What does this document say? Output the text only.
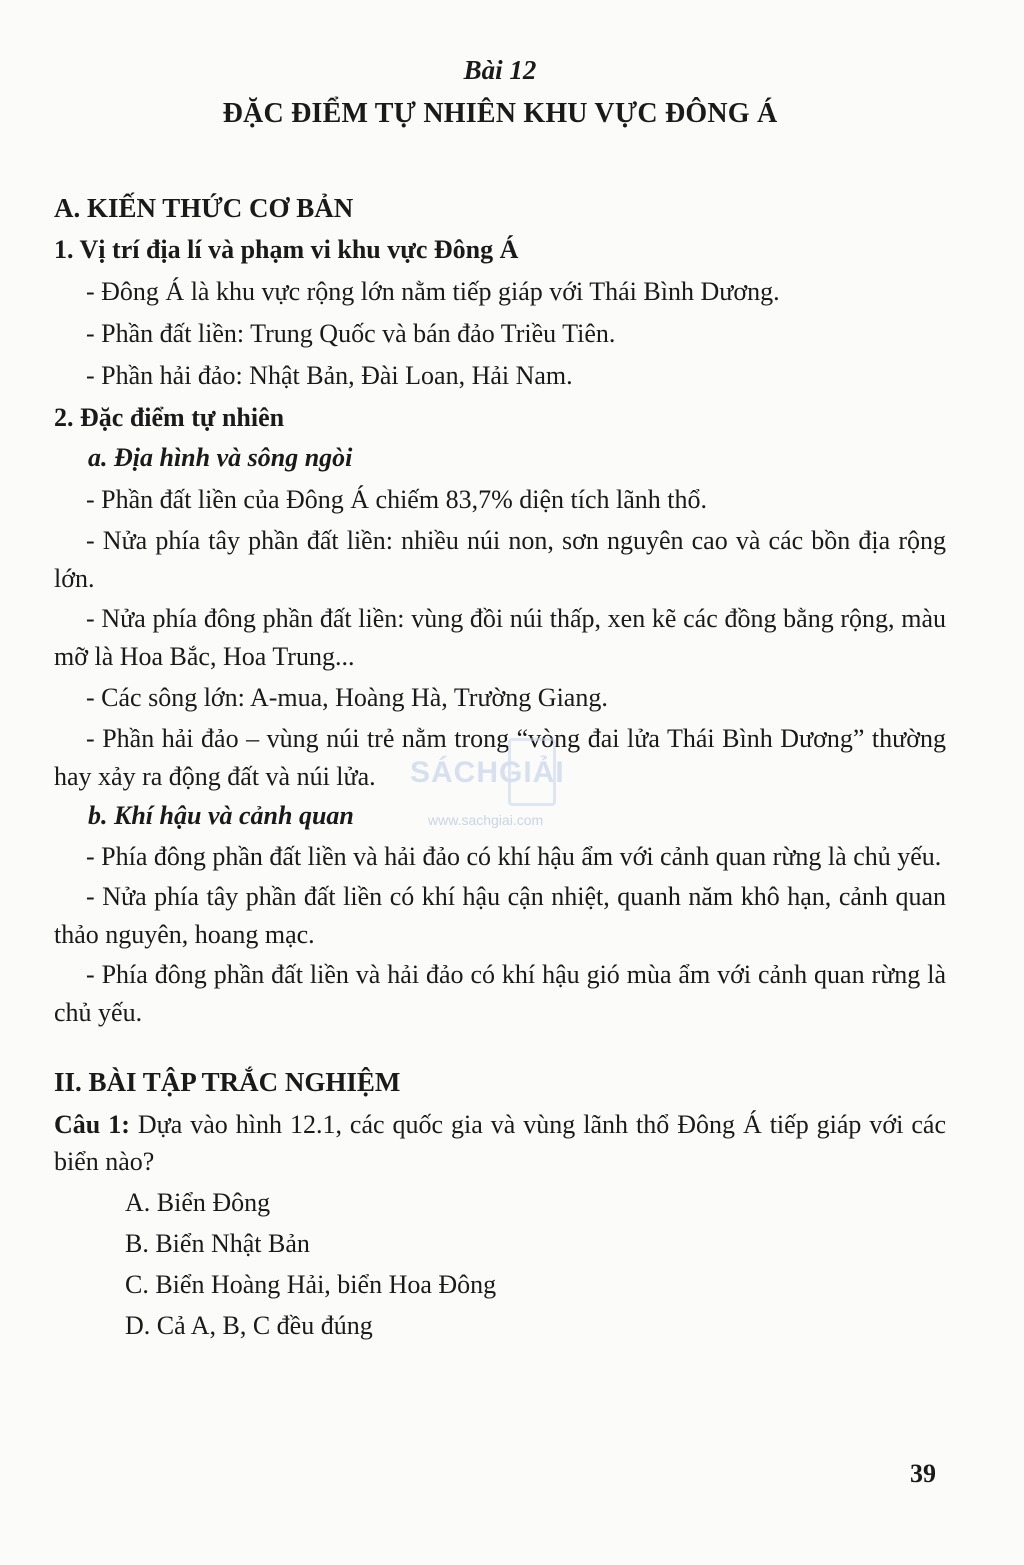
Bài 12
ĐẶC ĐIỂM TỰ NHIÊN KHU VỰC ĐÔNG Á
A. KIẾN THỨC CƠ BẢN
1. Vị trí địa lí và phạm vi khu vực Đông Á
- Đông Á là khu vực rộng lớn nằm tiếp giáp với Thái Bình Dương.
- Phần đất liền: Trung Quốc và bán đảo Triều Tiên.
- Phần hải đảo: Nhật Bản, Đài Loan, Hải Nam.
2. Đặc điểm tự nhiên
a. Địa hình và sông ngòi
- Phần đất liền của Đông Á chiếm 83,7% diện tích lãnh thổ.
- Nửa phía tây phần đất liền: nhiều núi non, sơn nguyên cao và các bồn địa rộng lớn.
- Nửa phía đông phần đất liền: vùng đồi núi thấp, xen kẽ các đồng bằng rộng, màu mỡ là Hoa Bắc, Hoa Trung...
- Các sông lớn: A-mua, Hoàng Hà, Trường Giang.
- Phần hải đảo – vùng núi trẻ nằm trong “vòng đai lửa Thái Bình Dương” thường hay xảy ra động đất và núi lửa.
b. Khí hậu và cảnh quan
- Phía đông phần đất liền và hải đảo có khí hậu ẩm với cảnh quan rừng là chủ yếu.
- Nửa phía tây phần đất liền có khí hậu cận nhiệt, quanh năm khô hạn, cảnh quan thảo nguyên, hoang mạc.
- Phía đông phần đất liền và hải đảo có khí hậu gió mùa ẩm với cảnh quan rừng là chủ yếu.
II. BÀI TẬP TRẮC NGHIỆM
Câu 1: Dựa vào hình 12.1, các quốc gia và vùng lãnh thổ Đông Á tiếp giáp với các biển nào?
A. Biển Đông
B. Biển Nhật Bản
C. Biển Hoàng Hải, biển Hoa Đông
D. Cả A, B, C đều đúng
SÁCHGIẢI
www.sachgiai.com
39
